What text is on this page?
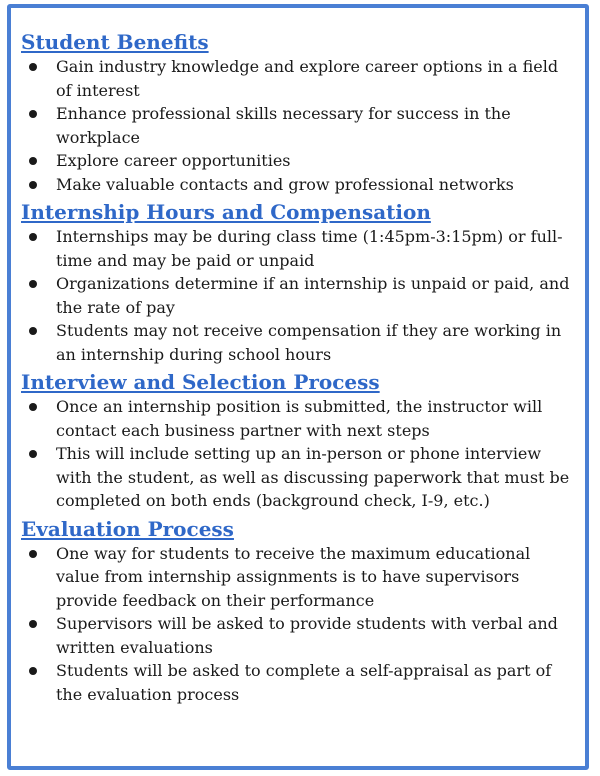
Student Benefits
Gain industry knowledge and explore career options in a field of interest
Enhance professional skills necessary for success in the workplace
Explore career opportunities
Make valuable contacts and grow professional networks
Internship Hours and Compensation
Internships may be during class time (1:45pm-3:15pm) or full-time and may be paid or unpaid
Organizations determine if an internship is unpaid or paid, and the rate of pay
Students may not receive compensation if they are working in an internship during school hours
Interview and Selection Process
Once an internship position is submitted, the instructor will contact each business partner with next steps
This will include setting up an in-person or phone interview with the student, as well as discussing paperwork that must be completed on both ends (background check, I-9, etc.)
Evaluation Process
One way for students to receive the maximum educational value from internship assignments is to have supervisors provide feedback on their performance
Supervisors will be asked to provide students with verbal and written evaluations
Students will be asked to complete a self-appraisal as part of the evaluation process
